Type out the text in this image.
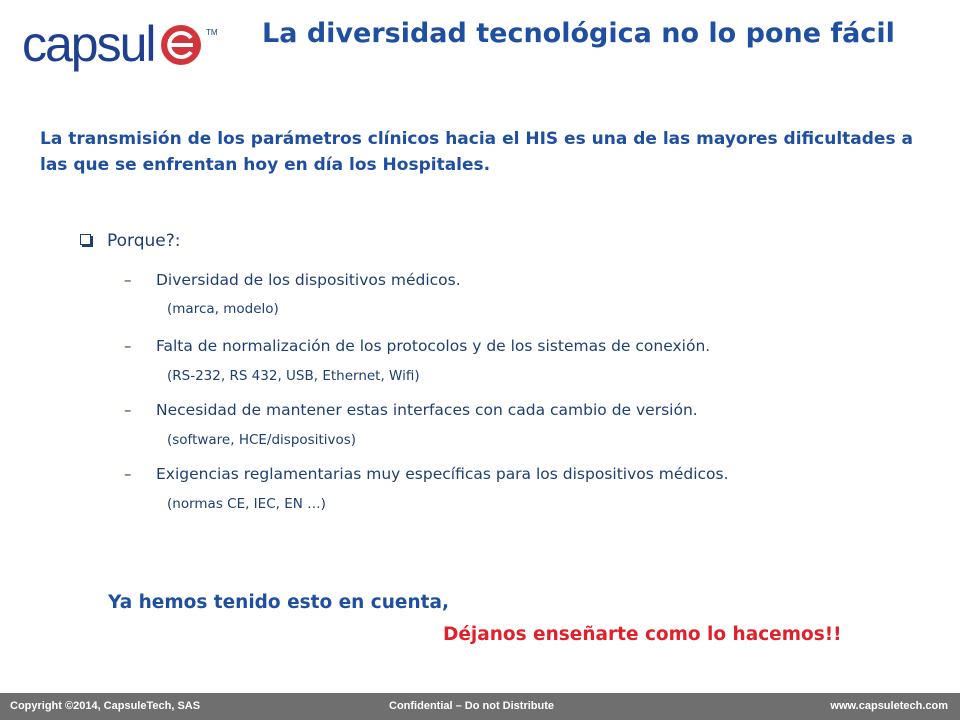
capsul	TM La diversidad tecnológica no lo pone fácil

La transmisión de los parámetros clínicos hacia el HIS es una de las mayores dificultades a las que se enfrentan hoy en día los Hospitales.

Porque?:
– Diversidad de los dispositivos médicos.
(marca, modelo)
– Falta de normalización de los protocolos y de los sistemas de conexión.
(RS-232, RS 432, USB, Ethernet, Wifi)
– Necesidad de mantener estas interfaces con cada cambio de versión.
(software, HCE/dispositivos)
– Exigencias reglamentarias muy específicas para los dispositivos médicos.
(normas CE, IEC, EN …)
Ya hemos tenido esto en cuenta,
Déjanos enseñarte como lo hacemos!!
Copyright ©2014, CapsuleTech, SAS	Confidential – Do not Distribute	www.capsuletech.com
